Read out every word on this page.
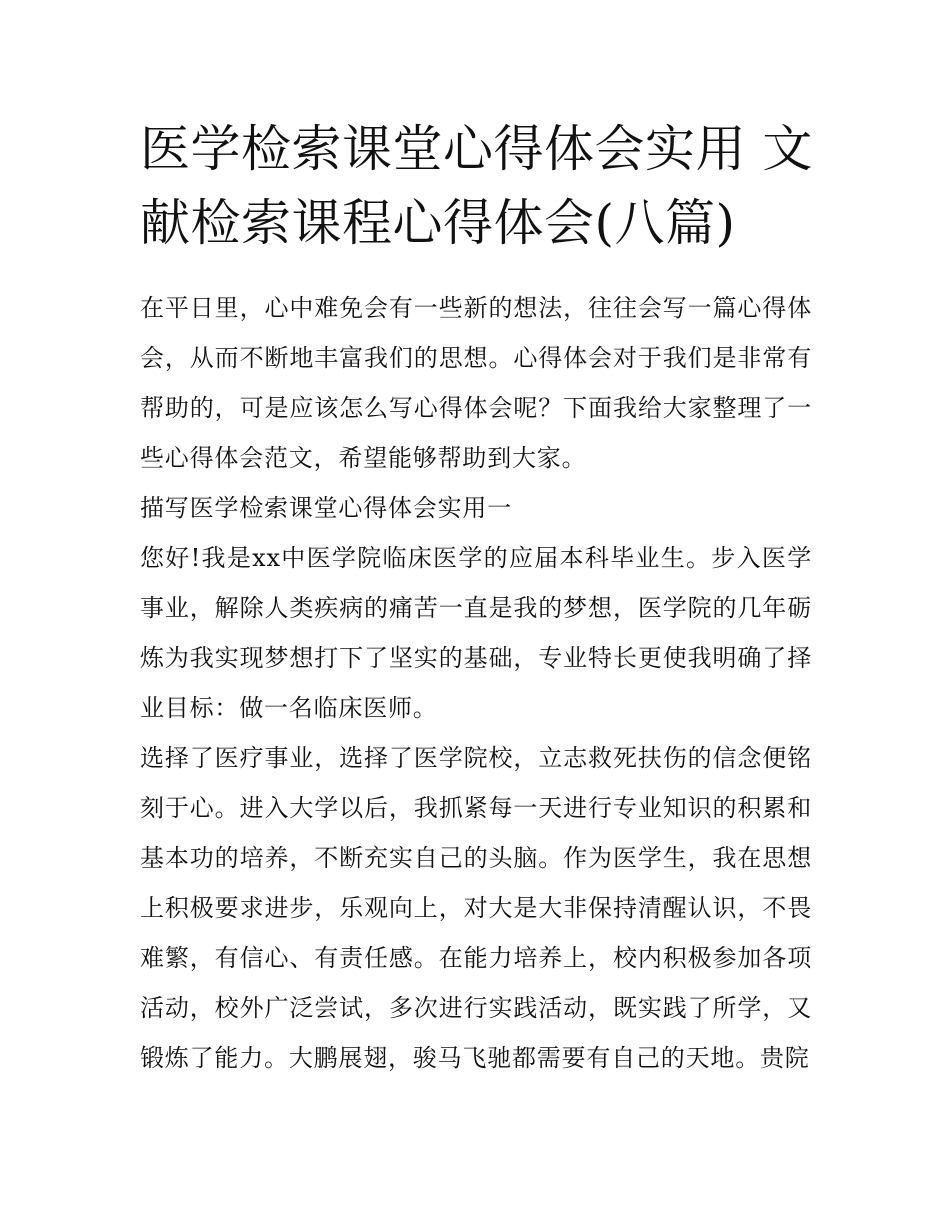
医学检索课堂心得体会实用 文
献检索课程心得体会(八篇)

在平日里，心中难免会有一些新的想法，往往会写一篇心得体会，从而不断地丰富我们的思想。心得体会对于我们是非常有帮助的，可是应该怎么写心得体会呢？下面我给大家整理了一些心得体会范文，希望能够帮助到大家。

描写医学检索课堂心得体会实用一

您好!我是xx中医学院临床医学的应届本科毕业生。步入医学事业，解除人类疾病的痛苦一直是我的梦想，医学院的几年砺炼为我实现梦想打下了坚实的基础，专业特长更使我明确了择业目标：做一名临床医师。

选择了医疗事业，选择了医学院校，立志救死扶伤的信念便铭刻于心。进入大学以后，我抓紧每一天进行专业知识的积累和基本功的培养，不断充实自己的头脑。作为医学生，我在思想上积极要求进步，乐观向上，对大是大非保持清醒认识，不畏难繁，有信心、有责任感。在能力培养上，校内积极参加各项活动，校外广泛尝试，多次进行实践活动，既实践了所学，又锻炼了能力。大鹏展翅，骏马飞驰都需要有自己的天地。贵院
